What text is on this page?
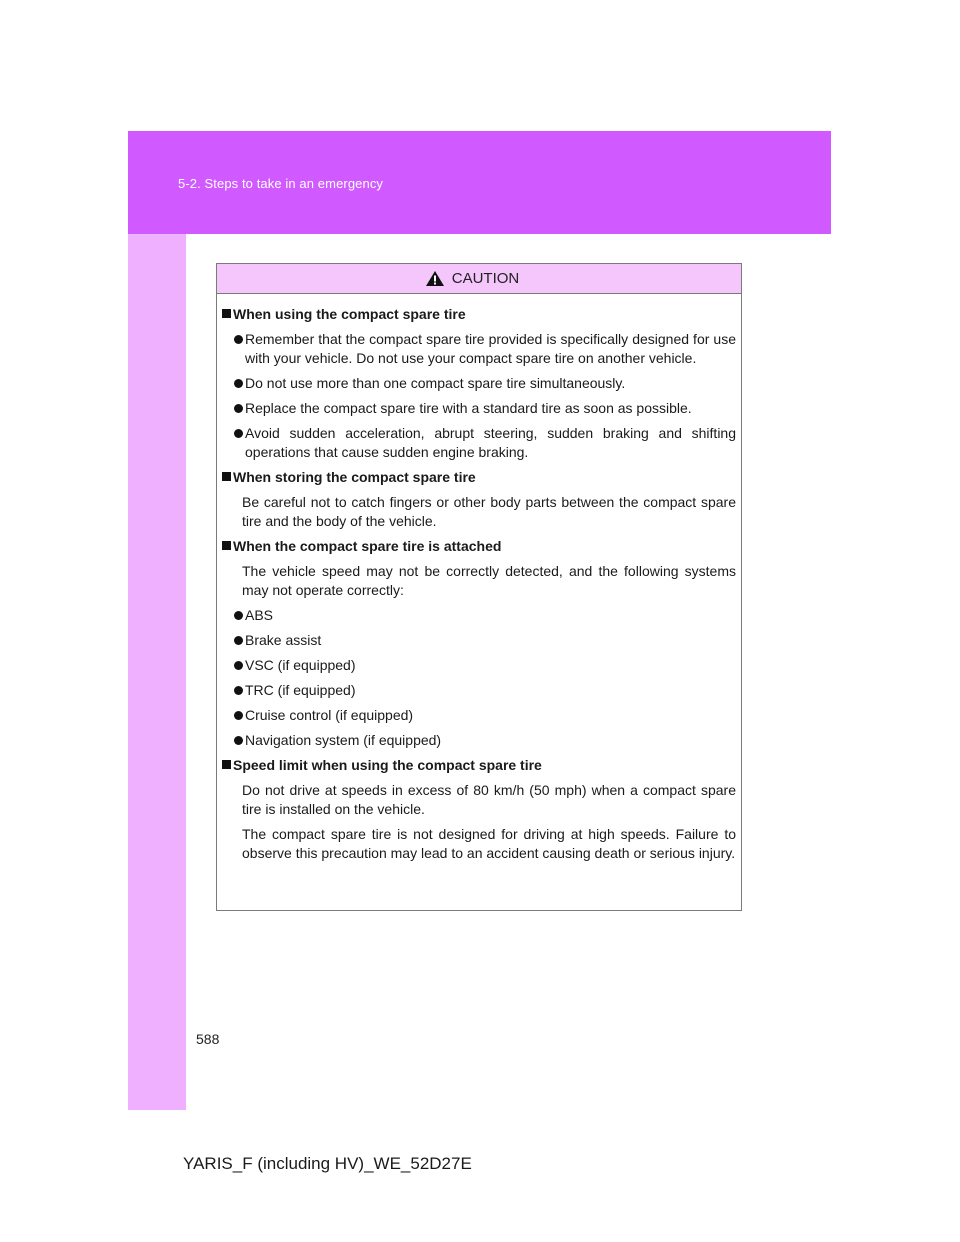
5-2. Steps to take in an emergency
CAUTION
When using the compact spare tire
Remember that the compact spare tire provided is specifically designed for use with your vehicle. Do not use your compact spare tire on another vehicle.
Do not use more than one compact spare tire simultaneously.
Replace the compact spare tire with a standard tire as soon as possible.
Avoid sudden acceleration, abrupt steering, sudden braking and shifting operations that cause sudden engine braking.
When storing the compact spare tire
Be careful not to catch fingers or other body parts between the compact spare tire and the body of the vehicle.
When the compact spare tire is attached
The vehicle speed may not be correctly detected, and the following systems may not operate correctly:
ABS
Brake assist
VSC (if equipped)
TRC (if equipped)
Cruise control (if equipped)
Navigation system (if equipped)
Speed limit when using the compact spare tire
Do not drive at speeds in excess of 80 km/h (50 mph) when a compact spare tire is installed on the vehicle.
The compact spare tire is not designed for driving at high speeds. Failure to observe this precaution may lead to an accident causing death or serious injury.
588
YARIS_F (including HV)_WE_52D27E
